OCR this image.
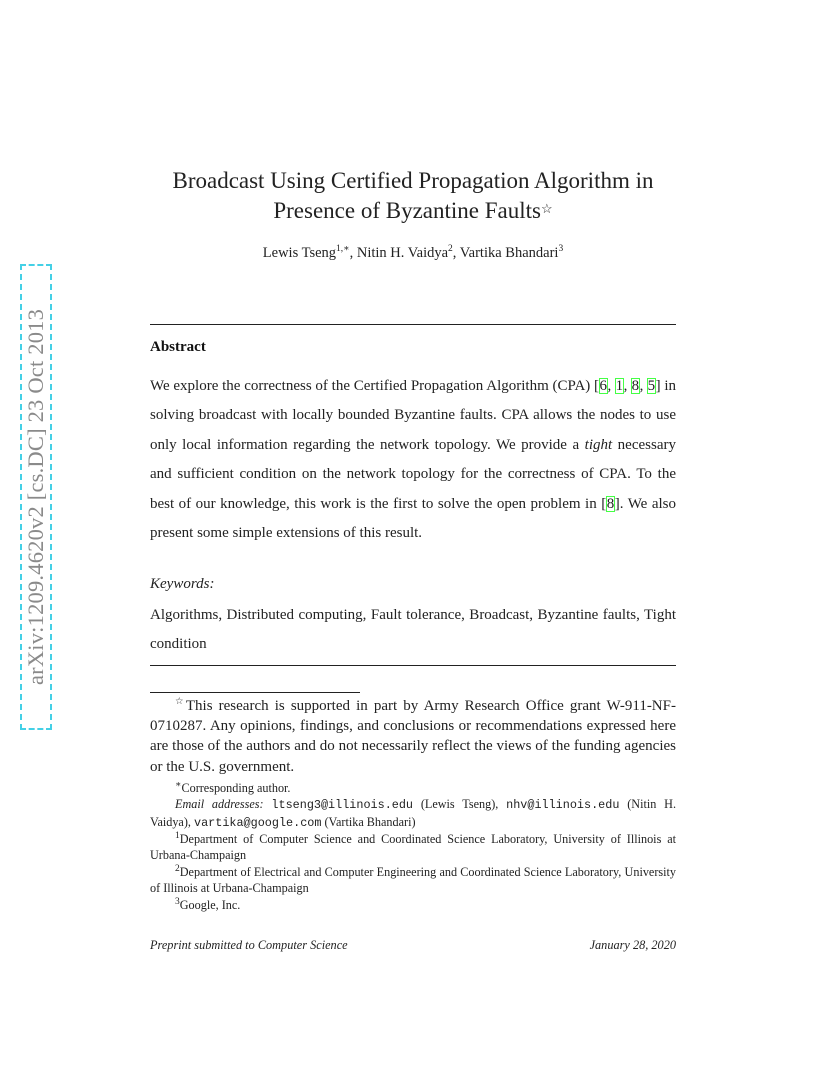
arXiv:1209.4620v2 [cs.DC] 23 Oct 2013
Broadcast Using Certified Propagation Algorithm in
Presence of Byzantine Faults☆
Lewis Tseng$^{1,∗}$, Nitin H. Vaidya$^2$, Vartika Bhandari$^3$
Abstract
We explore the correctness of the Certified Propagation Algorithm (CPA) [6, 1, 8, 5] in solving broadcast with locally bounded Byzantine faults. CPA allows the nodes to use only local information regarding the network topology. We provide a tight necessary and sufficient condition on the network topology for the correctness of CPA. To the best of our knowledge, this work is the first to solve the open problem in [8]. We also present some simple extensions of this result.
Keywords:
Algorithms, Distributed computing, Fault tolerance, Broadcast, Byzantine faults, Tight condition

☆This research is supported in part by Army Research Office grant W-911-NF-0710287. Any opinions, findings, and conclusions or recommendations expressed here are those of the authors and do not necessarily reflect the views of the funding agencies or the U.S. government.

∗Corresponding author.

Email addresses: ltseng3@illinois.edu (Lewis Tseng), nhv@illinois.edu (Nitin H. Vaidya), vartika@google.com (Vartika Bhandari)

$^1$Department of Computer Science and Coordinated Science Laboratory, University of Illinois at Urbana-Champaign

$^2$Department of Electrical and Computer Engineering and Coordinated Science Laboratory, University of Illinois at Urbana-Champaign

$^3$Google, Inc.

Preprint submitted to Computer Science	January 28, 2020
